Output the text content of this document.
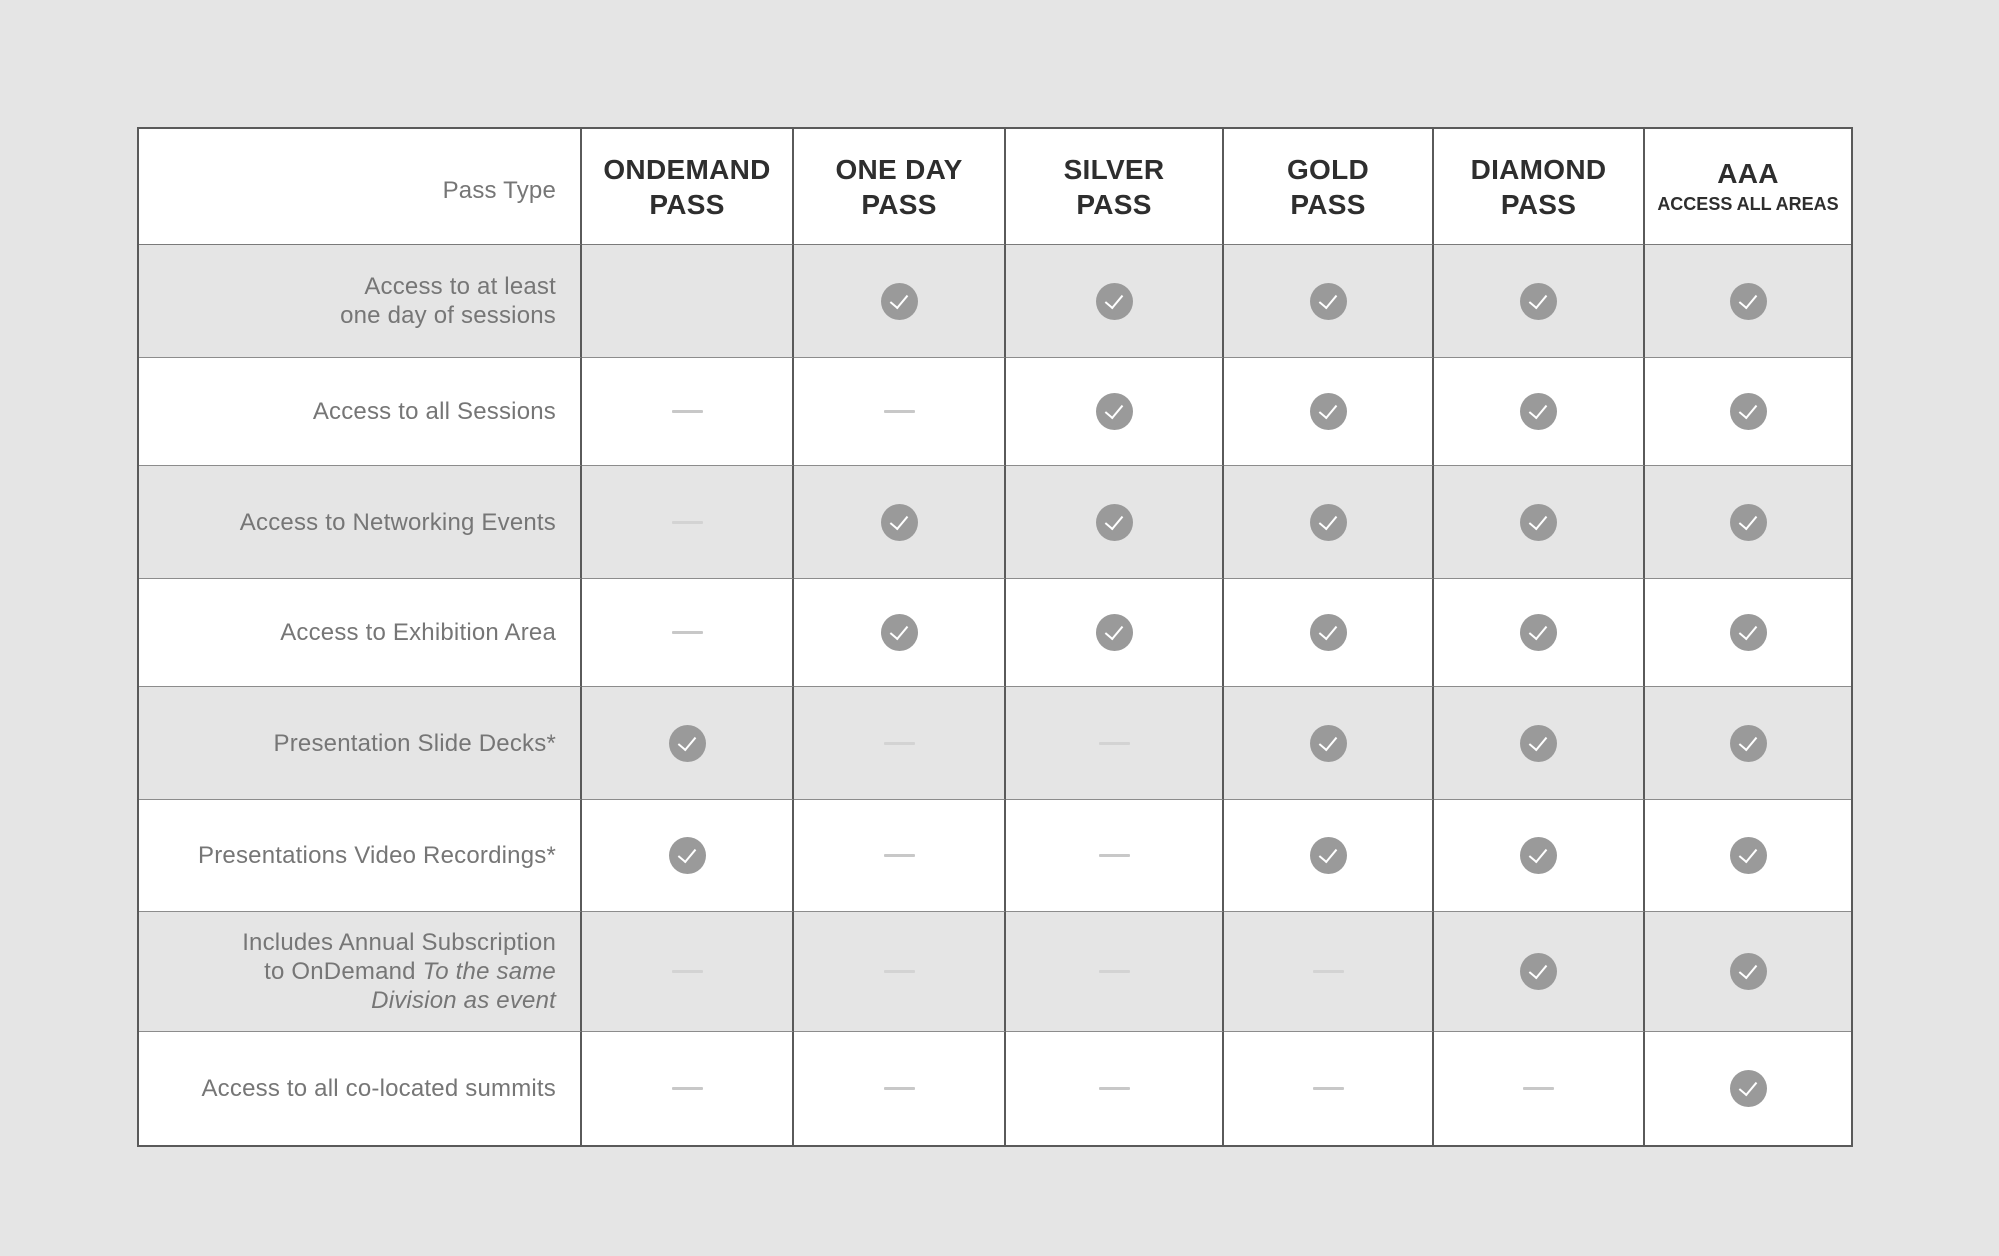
Pass Type
ONDEMAND
PASS
ONE DAY
PASS
SILVER
PASS
GOLD
PASS
DIAMOND
PASS
AAA
ACCESS ALL AREAS
Access to at least
one day of sessions
Access to all Sessions
Access to Networking Events
Access to Exhibition Area
Presentation Slide Decks*
Presentations Video Recordings*
Includes Annual Subscription
to OnDemand To the same
Division as event
Access to all co-located summits
